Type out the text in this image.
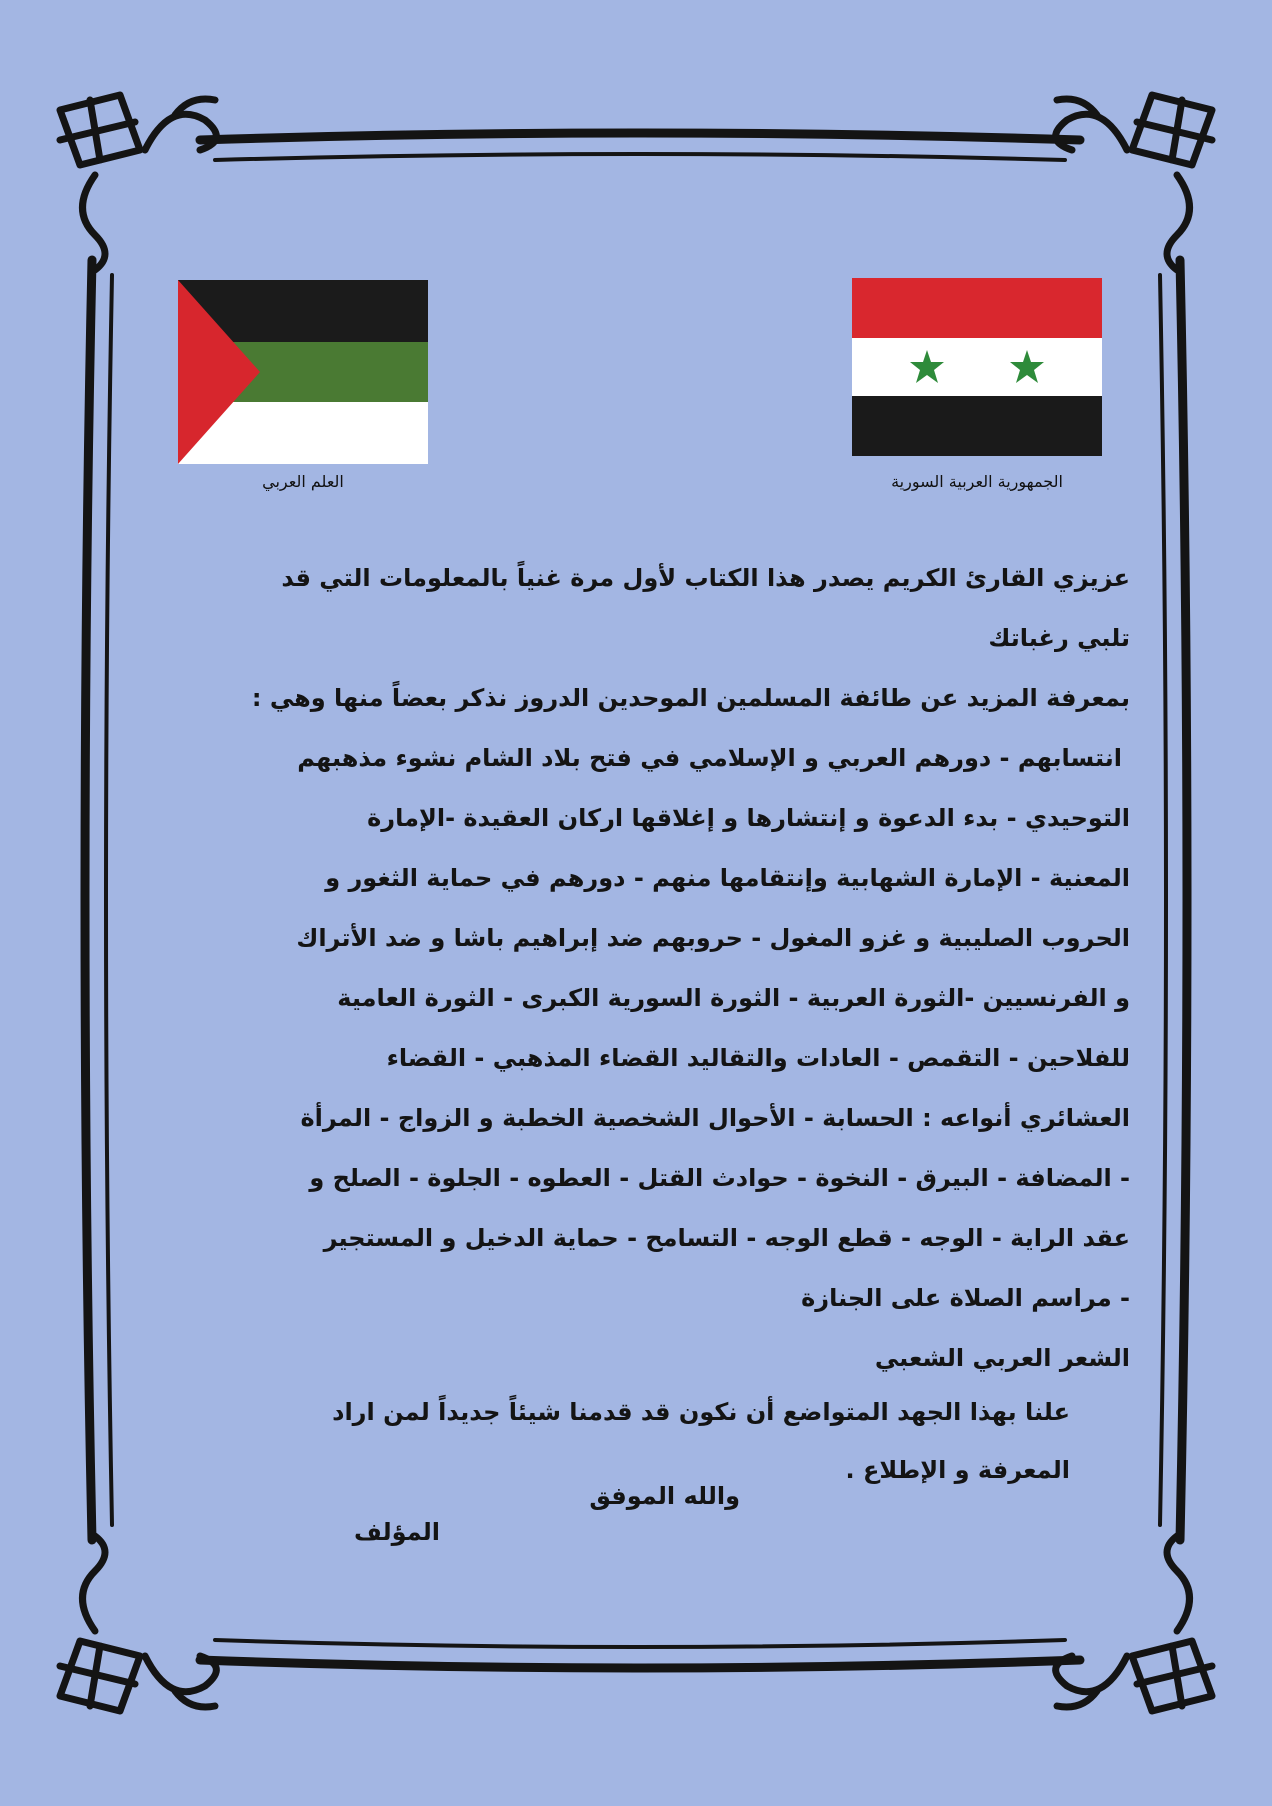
الجمهورية العربية السورية
العلم العربي
عزيزي القارئ الكريم يصدر هذا الكتاب لأول مرة غنياً بالمعلومات التي قد
تلبي رغباتك
بمعرفة المزيد عن طائفة المسلمين الموحدين الدروز نذكر بعضاً منها وهي :
انتسابهم - دورهم العربي و الإسلامي في فتح بلاد الشام نشوء مذهبهم
التوحيدي - بدء الدعوة و إنتشارها و إغلاقها اركان العقيدة -الإمارة
المعنية - الإمارة الشهابية وإنتقامها منهم - دورهم في حماية الثغور و
الحروب الصليبية و غزو المغول - حروبهم ضد إبراهيم باشا و ضد الأتراك
و الفرنسيين -الثورة العربية - الثورة السورية الكبرى - الثورة العامية
للفلاحين - التقمص - العادات والتقاليد القضاء المذهبي - القضاء
العشائري أنواعه : الحسابة - الأحوال الشخصية الخطبة و الزواج - المرأة
- المضافة - البيرق - النخوة - حوادث القتل - العطوه - الجلوة - الصلح و
عقد الراية - الوجه - قطع الوجه - التسامح - حماية الدخيل و المستجير
- مراسم الصلاة على الجنازة
الشعر العربي الشعبي
علنا بهذا الجهد المتواضع أن نكون قد قدمنا شيئاً جديداً لمن اراد
المعرفة و الإطلاع .
والله الموفق
المؤلف
